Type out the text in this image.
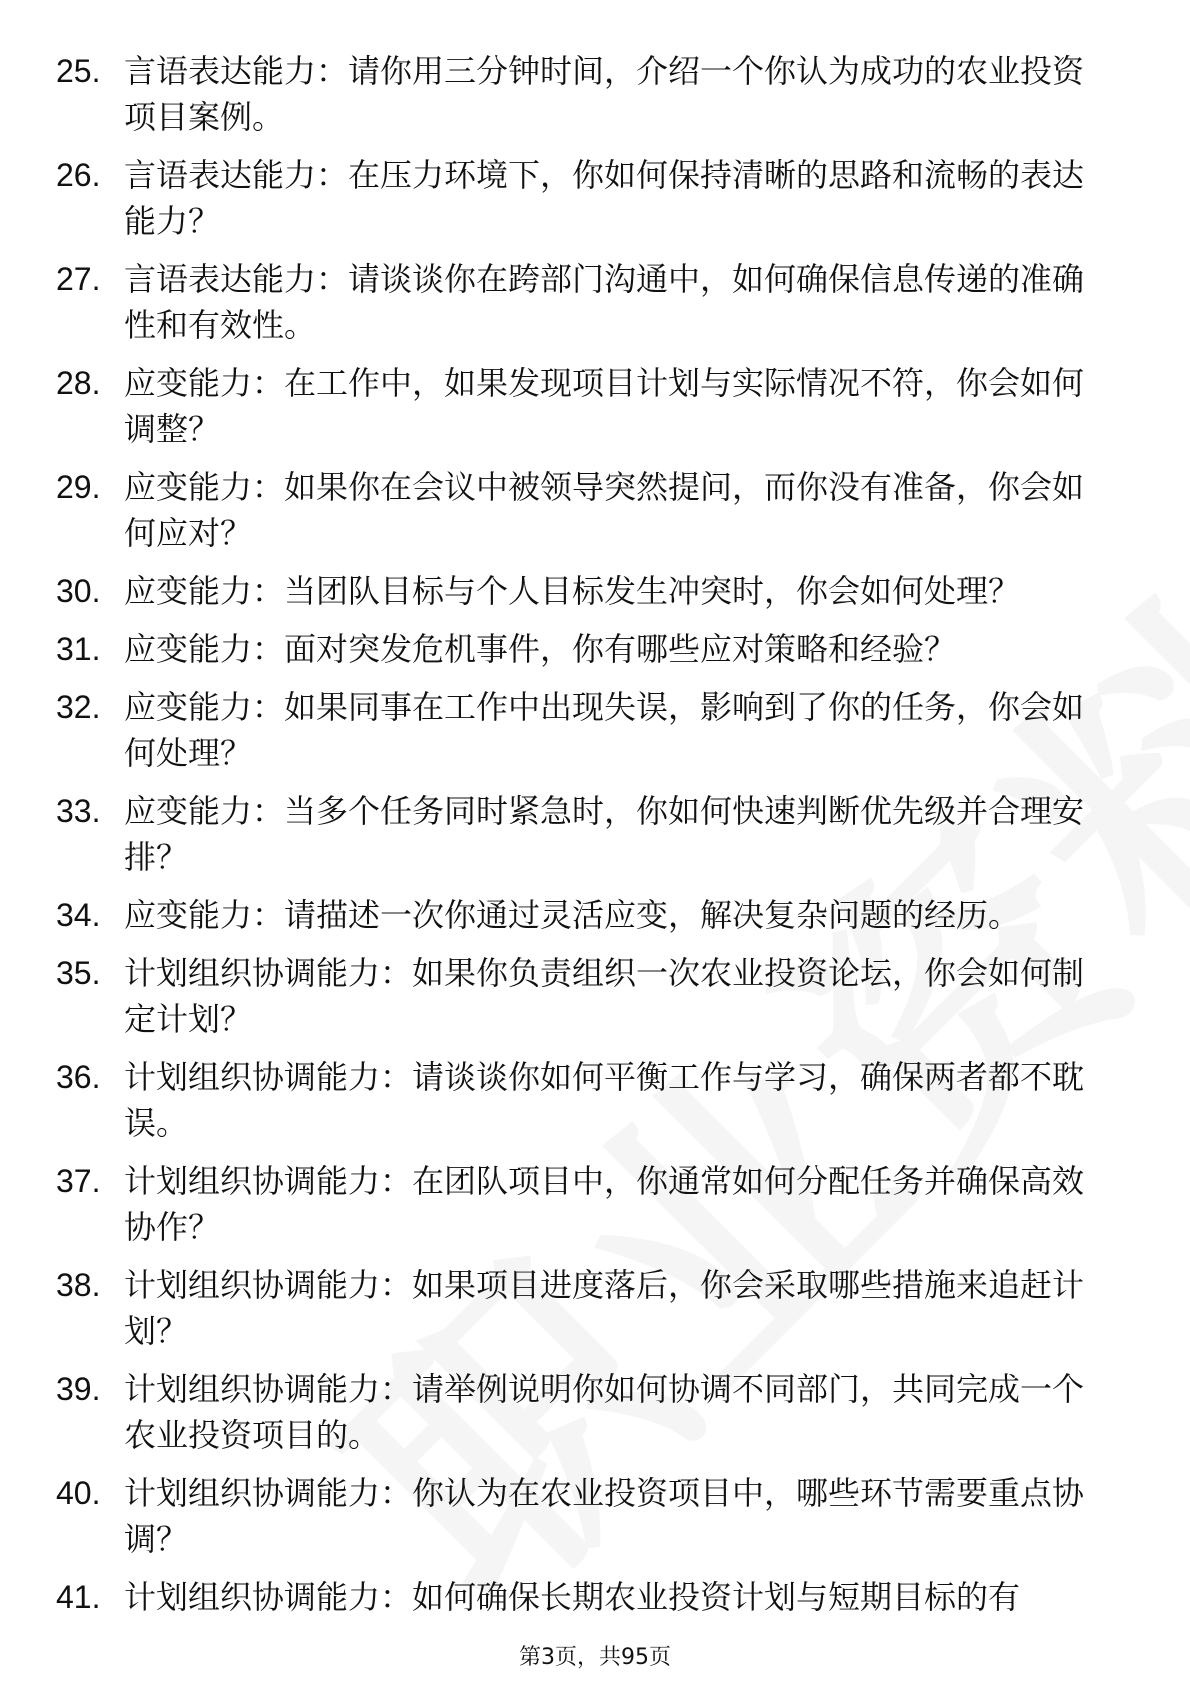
25. 言语表达能力：请你用三分钟时间，介绍一个你认为成功的农业投资项目案例。
26. 言语表达能力：在压力环境下，你如何保持清晰的思路和流畅的表达能力？
27. 言语表达能力：请谈谈你在跨部门沟通中，如何确保信息传递的准确性和有效性。
28. 应变能力：在工作中，如果发现项目计划与实际情况不符，你会如何调整？
29. 应变能力：如果你在会议中被领导突然提问，而你没有准备，你会如何应对？
30. 应变能力：当团队目标与个人目标发生冲突时，你会如何处理？
31. 应变能力：面对突发危机事件，你有哪些应对策略和经验？
32. 应变能力：如果同事在工作中出现失误，影响到了你的任务，你会如何处理？
33. 应变能力：当多个任务同时紧急时，你如何快速判断优先级并合理安排？
34. 应变能力：请描述一次你通过灵活应变，解决复杂问题的经历。
35. 计划组织协调能力：如果你负责组织一次农业投资论坛，你会如何制定计划？
36. 计划组织协调能力：请谈谈你如何平衡工作与学习，确保两者都不耽误。
37. 计划组织协调能力：在团队项目中，你通常如何分配任务并确保高效协作？
38. 计划组织协调能力：如果项目进度落后，你会采取哪些措施来追赶计划？
39. 计划组织协调能力：请举例说明你如何协调不同部门，共同完成一个农业投资项目的。
40. 计划组织协调能力：你认为在农业投资项目中，哪些环节需要重点协调？
41. 计划组织协调能力：如何确保长期农业投资计划与短期目标的有
第3页，共95页
